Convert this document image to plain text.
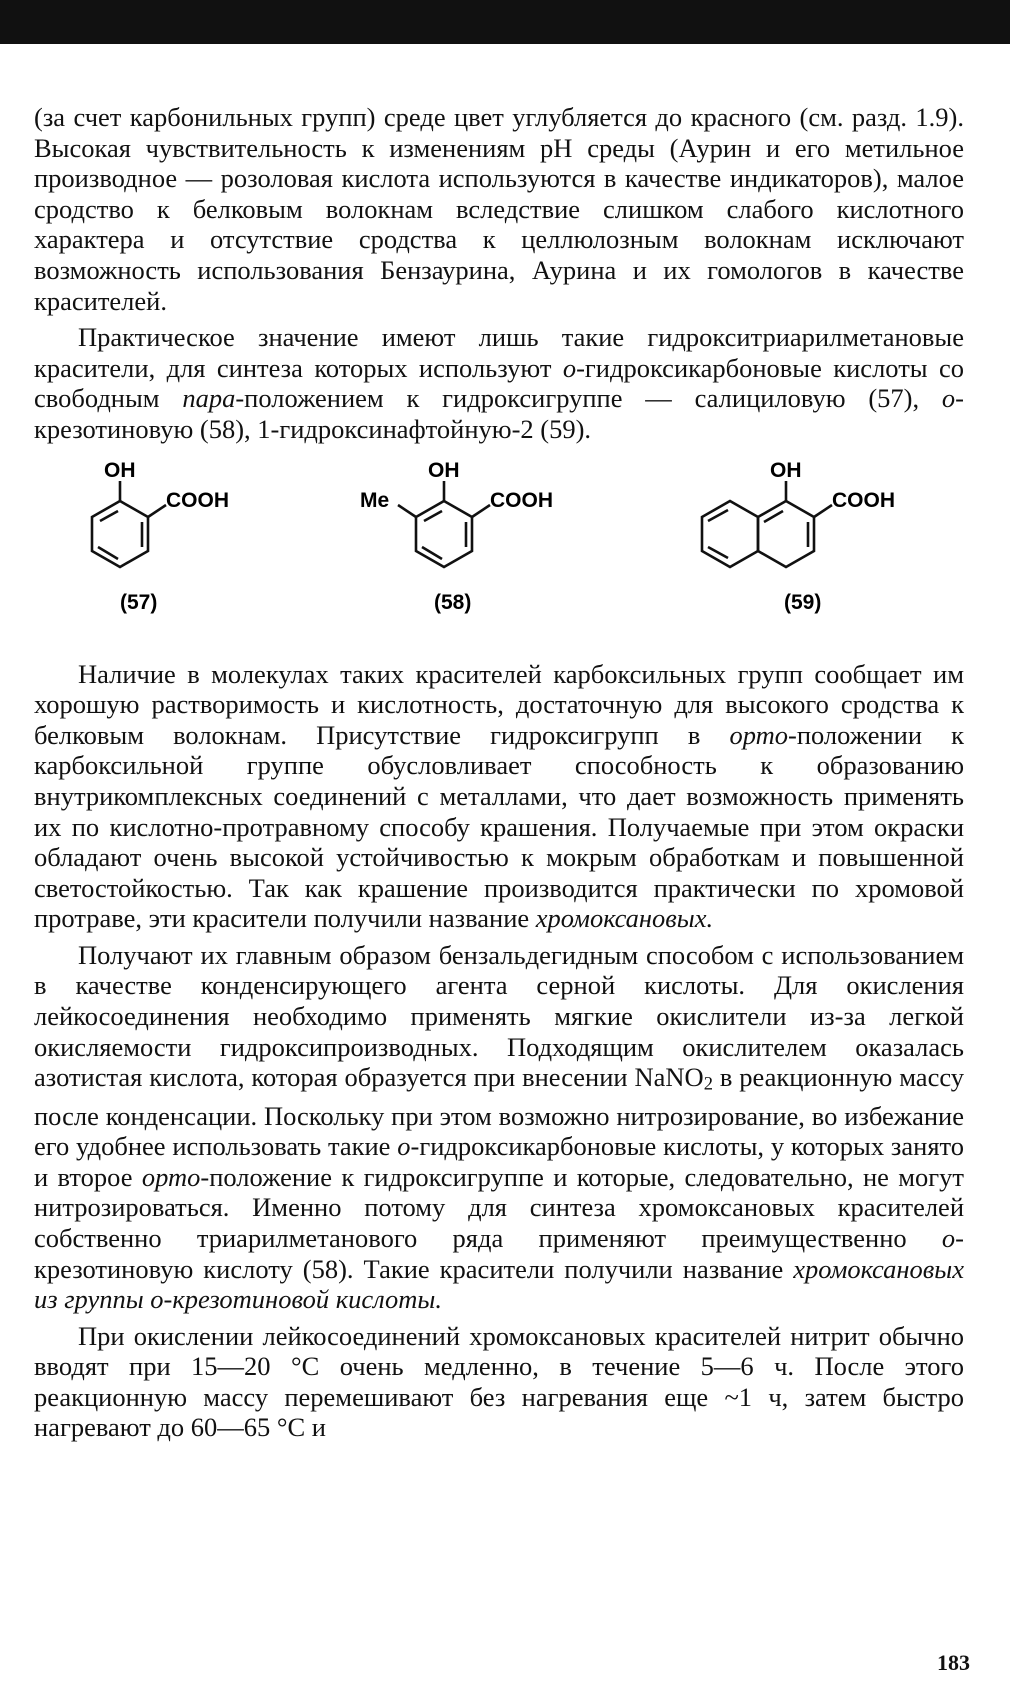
(за счет карбонильных групп) среде цвет углубляется до красного (см. разд. 1.9). Высокая чувствительность к изменениям рН среды (Аурин и его метильное производное — розоловая кислота используются в качестве индикаторов), малое сродство к белковым волокнам вследствие слишком слабого кислотного характера и отсутствие сродства к целлюлозным волокнам исключают возможность использования Бензаурина, Аурина и их гомологов в качестве красителей.

Практическое значение имеют лишь такие гидрокситриарилметановые красители, для синтеза которых используют о-гидроксикарбоновые кислоты со свободным пара-положением к гидроксигруппе — салициловую (57), о-крезотиновую (58), 1-гидроксинафтойную-2 (59).

OH
COOH
(57)
Me
OH
COOH
(58)
OH
COOH
(59)

Наличие в молекулах таких красителей карбоксильных групп сообщает им хорошую растворимость и кислотность, достаточную для высокого сродства к белковым волокнам. Присутствие гидроксигрупп в орто-положении к карбоксильной группе обусловливает способность к образованию внутрикомплексных соединений с металлами, что дает возможность применять их по кислотно-протравному способу крашения. Получаемые при этом окраски обладают очень высокой устойчивостью к мокрым обработкам и повышенной светостойкостью. Так как крашение производится практически по хромовой протраве, эти красители получили название хромоксановых.

Получают их главным образом бензальдегидным способом с использованием в качестве конденсирующего агента серной кислоты. Для окисления лейкосоединения необходимо применять мягкие окислители из-за легкой окисляемости гидроксипроизводных. Подходящим окислителем оказалась азотистая кислота, которая образуется при внесении NaNO2 в реакционную массу после конденсации. Поскольку при этом возможно нитрозирование, во избежание его удобнее использовать такие о-гидроксикарбоновые кислоты, у которых занято и второе орто-положение к гидроксигруппе и которые, следовательно, не могут нитрозироваться. Именно потому для синтеза хромоксановых красителей собственно триарилметанового ряда применяют преимущественно о-крезотиновую кислоту (58). Такие красители получили название хромоксановых из группы о-крезотиновой кислоты.

При окислении лейкосоединений хромоксановых красителей нитрит обычно вводят при 15—20 °С очень медленно, в течение 5—6 ч. После этого реакционную массу перемешивают без нагревания еще ~1 ч, затем быстро нагревают до 60—65 °С и

183
